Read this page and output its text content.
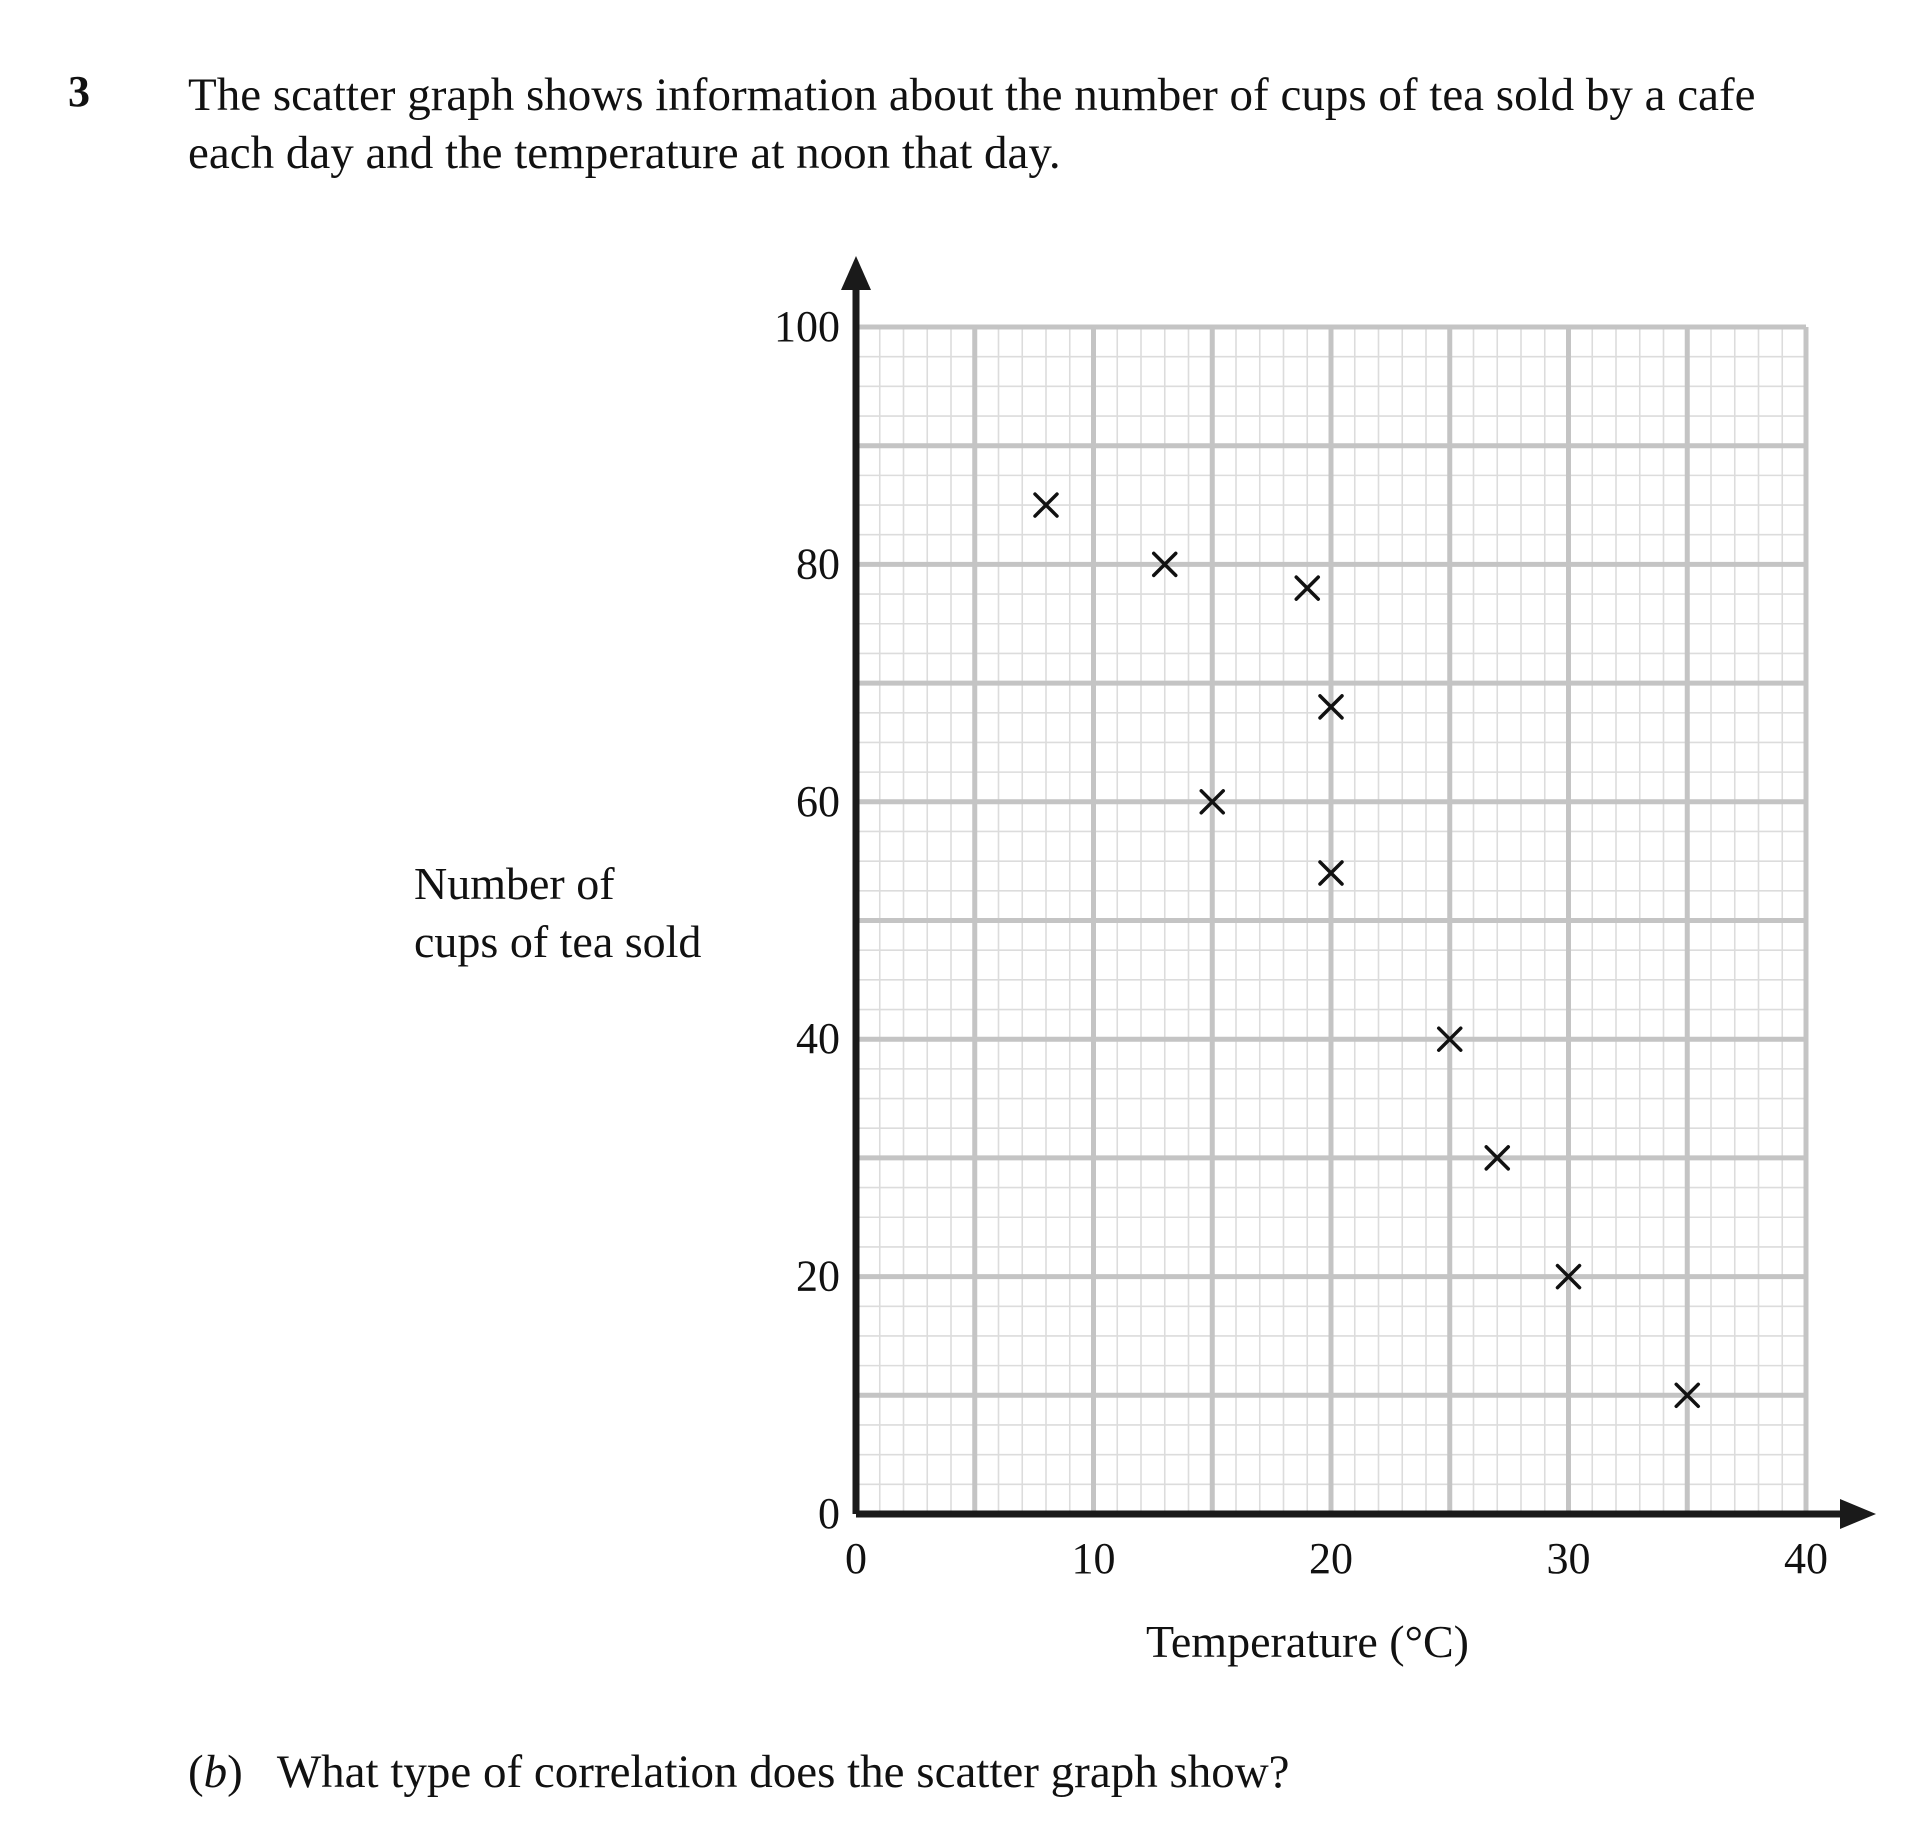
3 The scatter graph shows information about the number of cups of tea sold by a cafe
each day and the temperature at noon that day.
0	10	20	30	40
0
20
40
60
80
100
Number of
cups of tea sold
Temperature (°C)
(b) What type of correlation does the scatter graph show?
